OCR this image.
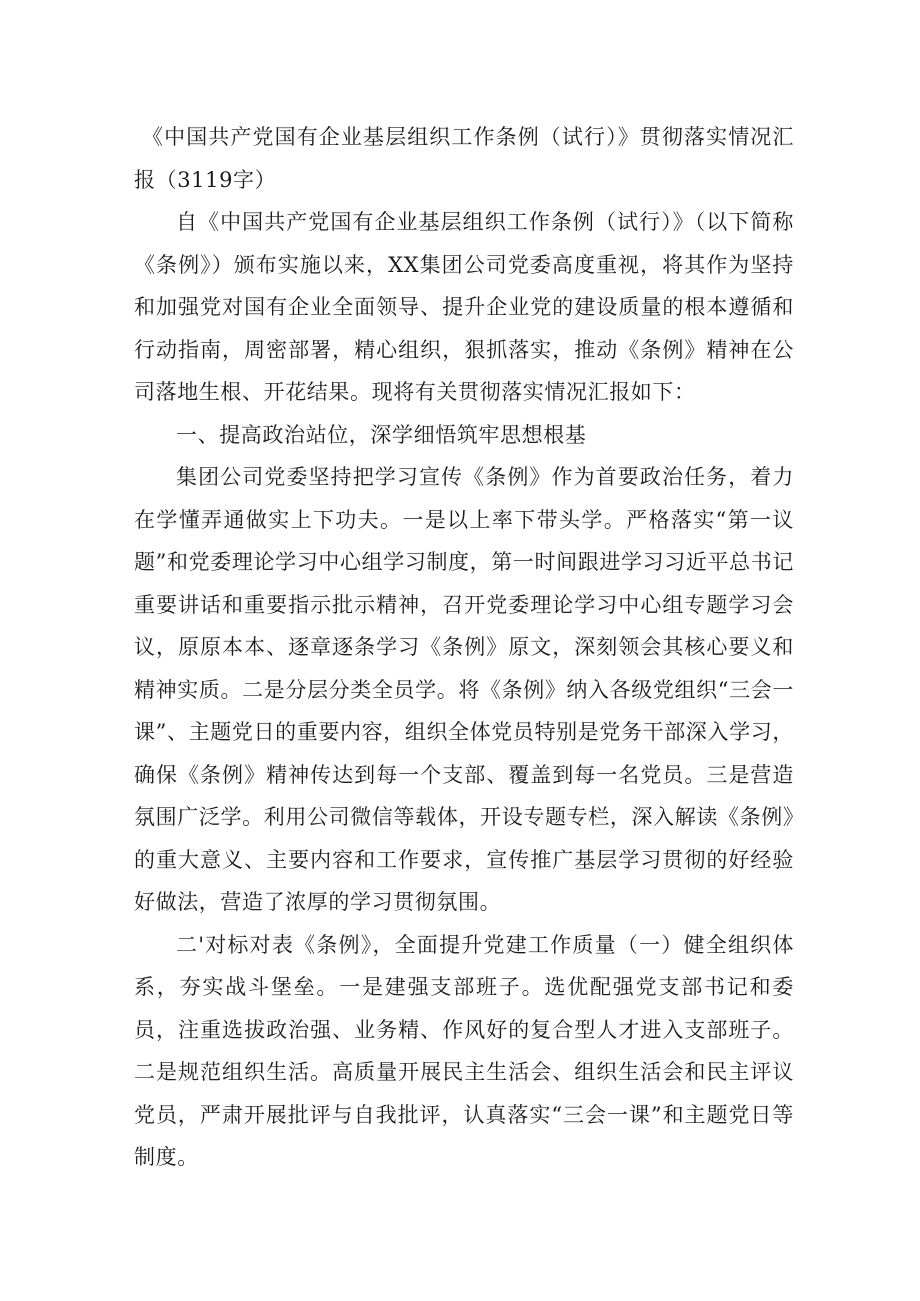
《中国共产党国有企业基层组织工作条例（试行）》贯彻落实情况汇报（3119字）

自《中国共产党国有企业基层组织工作条例（试行）》（以下简称《条例》）颁布实施以来，XX集团公司党委高度重视，将其作为坚持和加强党对国有企业全面领导、提升企业党的建设质量的根本遵循和行动指南，周密部署，精心组织，狠抓落实，推动《条例》精神在公司落地生根、开花结果。现将有关贯彻落实情况汇报如下：

一、提高政治站位，深学细悟筑牢思想根基

集团公司党委坚持把学习宣传《条例》作为首要政治任务，着力在学懂弄通做实上下功夫。一是以上率下带头学。严格落实“第一议题”和党委理论学习中心组学习制度，第一时间跟进学习习近平总书记重要讲话和重要指示批示精神，召开党委理论学习中心组专题学习会议，原原本本、逐章逐条学习《条例》原文，深刻领会其核心要义和精神实质。二是分层分类全员学。将《条例》纳入各级党组织“三会一课”、主题党日的重要内容，组织全体党员特别是党务干部深入学习，确保《条例》精神传达到每一个支部、覆盖到每一名党员。三是营造氛围广泛学。利用公司微信等载体，开设专题专栏，深入解读《条例》的重大意义、主要内容和工作要求，宣传推广基层学习贯彻的好经验好做法，营造了浓厚的学习贯彻氛围。

二'对标对表《条例》，全面提升党建工作质量（一）健全组织体系，夯实战斗堡垒。一是建强支部班子。选优配强党支部书记和委员，注重选拔政治强、业务精、作风好的复合型人才进入支部班子。二是规范组织生活。高质量开展民主生活会、组织生活会和民主评议党员，严肃开展批评与自我批评，认真落实“三会一课”和主题党日等制度。
